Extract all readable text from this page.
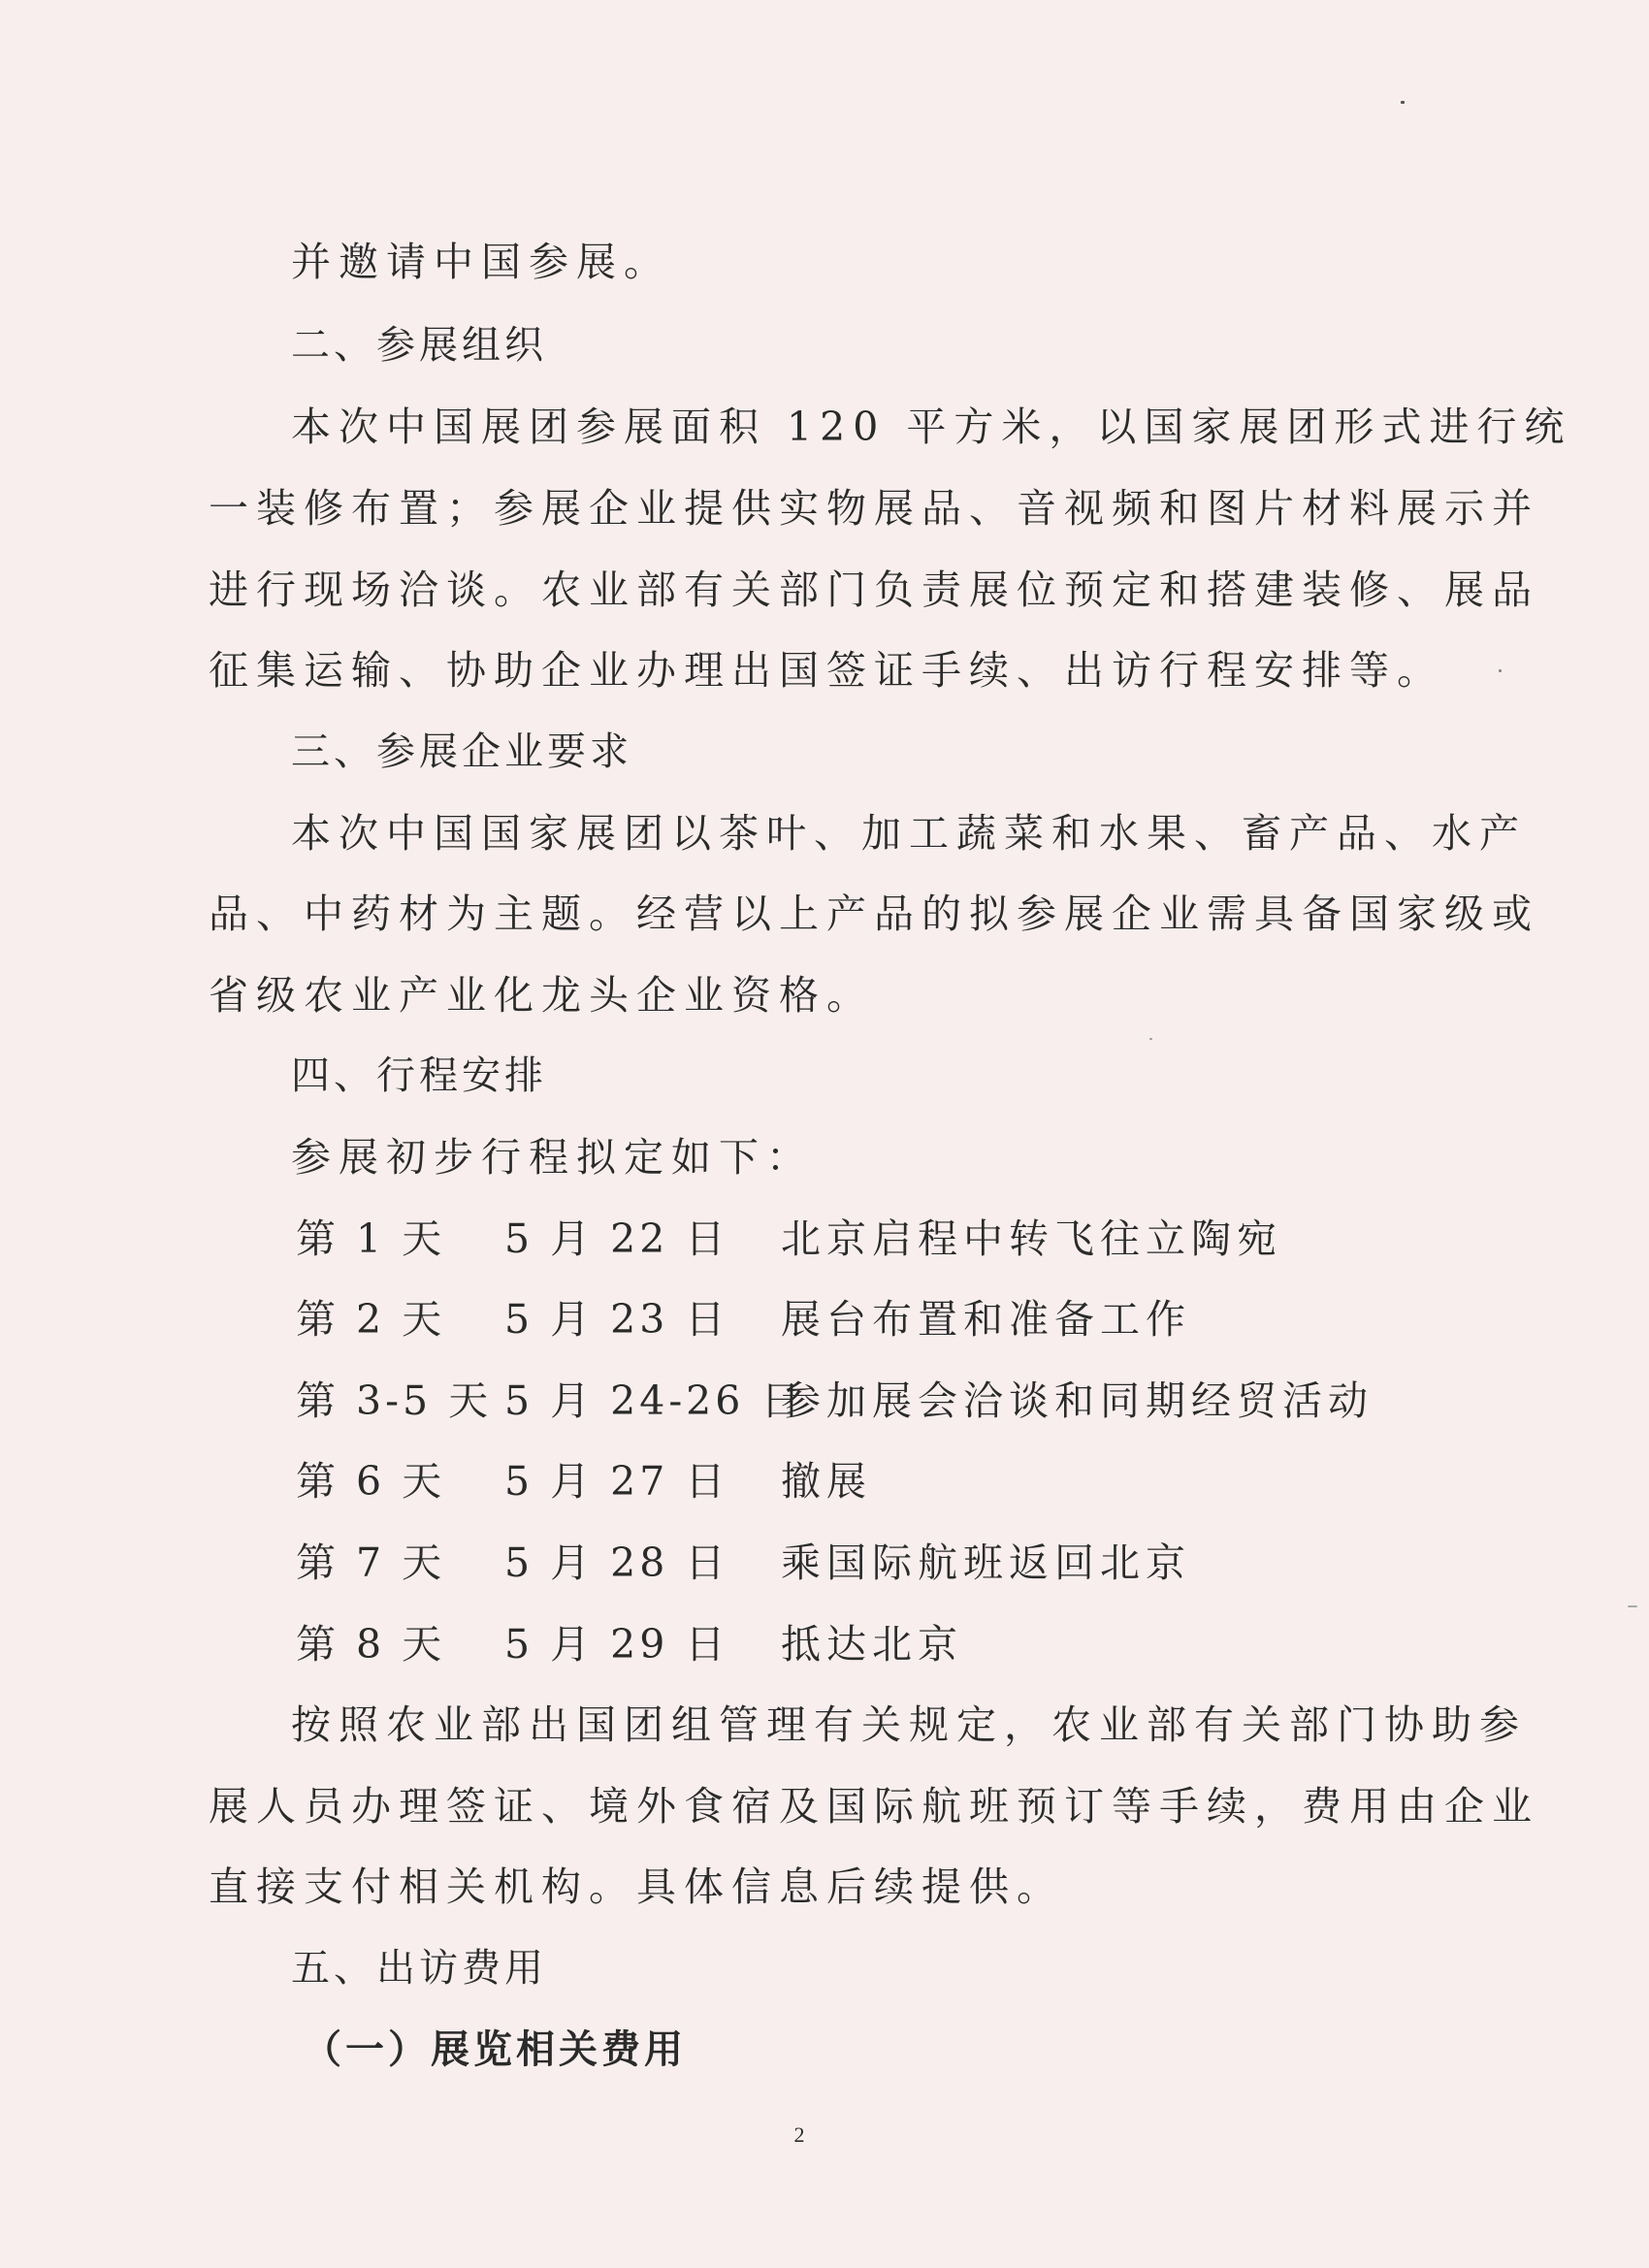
并邀请中国参展。
二、参展组织
本次中国展团参展面积 120 平方米，以国家展团形式进行统
一装修布置；参展企业提供实物展品、音视频和图片材料展示并
进行现场洽谈。农业部有关部门负责展位预定和搭建装修、展品
征集运输、协助企业办理出国签证手续、出访行程安排等。
三、参展企业要求
本次中国国家展团以茶叶、加工蔬菜和水果、畜产品、水产
品、中药材为主题。经营以上产品的拟参展企业需具备国家级或
省级农业产业化龙头企业资格。
四、行程安排
参展初步行程拟定如下：
第 1 天 5 月 22 日 北京启程中转飞往立陶宛
第 2 天 5 月 23 日 展台布置和准备工作
第 3-5 天 5 月 24-26 日
参加展会洽谈和同期经贸活动
第 6 天 5 月 27 日 撤展
第 7 天 5 月 28 日 乘国际航班返回北京
第 8 天 5 月 29 日 抵达北京
按照农业部出国团组管理有关规定，农业部有关部门协助参
展人员办理签证、境外食宿及国际航班预订等手续，费用由企业
直接支付相关机构。具体信息后续提供。
五、出访费用
（一）展览相关费用
2
